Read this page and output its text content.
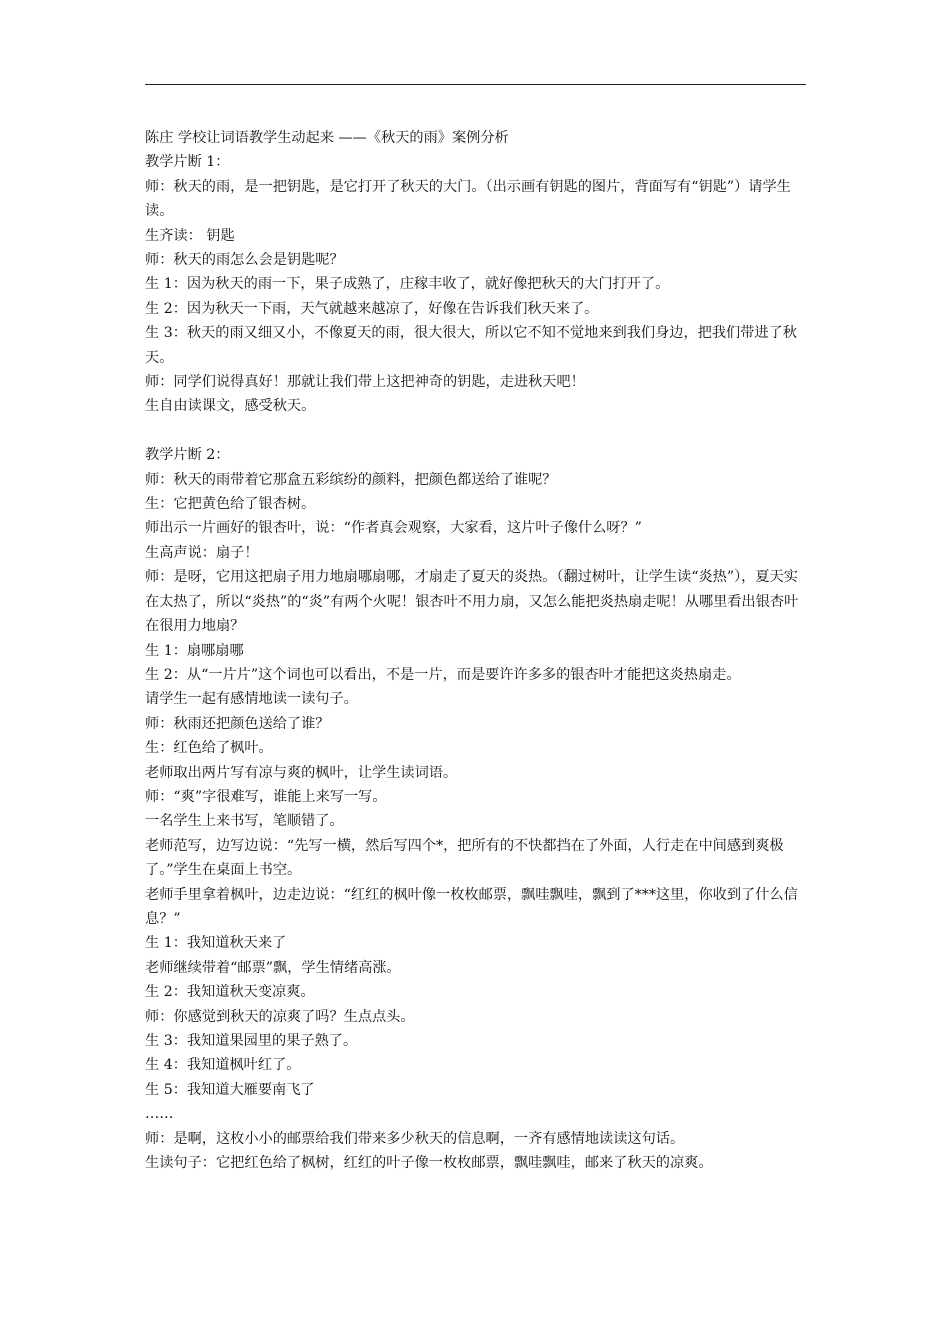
陈庄 学校让词语教学生动起来 ——《秋天的雨》案例分析

教学片断 1：

师：秋天的雨，是一把钥匙，是它打开了秋天的大门。（出示画有钥匙的图片，背面写有“钥匙”）请学生读。

生齐读： 钥匙

师：秋天的雨怎么会是钥匙呢？

生 1：因为秋天的雨一下，果子成熟了，庄稼丰收了，就好像把秋天的大门打开了。

生 2：因为秋天一下雨，天气就越来越凉了，好像在告诉我们秋天来了。

生 3：秋天的雨又细又小，不像夏天的雨，很大很大，所以它不知不觉地来到我们身边，把我们带进了秋天。

师：同学们说得真好！那就让我们带上这把神奇的钥匙，走进秋天吧！

生自由读课文，感受秋天。

教学片断 2：

师：秋天的雨带着它那盒五彩缤纷的颜料，把颜色都送给了谁呢？

生：它把黄色给了银杏树。

师出示一片画好的银杏叶，说：“作者真会观察，大家看，这片叶子像什么呀？”

生高声说：扇子！

师：是呀，它用这把扇子用力地扇哪扇哪，才扇走了夏天的炎热。（翻过树叶，让学生读“炎热”），夏天实在太热了，所以“炎热”的“炎”有两个火呢！银杏叶不用力扇，又怎么能把炎热扇走呢！从哪里看出银杏叶在很用力地扇？

生 1：扇哪扇哪

生 2：从“一片片”这个词也可以看出，不是一片，而是要许许多多的银杏叶才能把这炎热扇走。

请学生一起有感情地读一读句子。

师：秋雨还把颜色送给了谁？

生：红色给了枫叶。

老师取出两片写有凉与爽的枫叶，让学生读词语。

师：“爽”字很难写，谁能上来写一写。

一名学生上来书写，笔顺错了。

老师范写，边写边说：“先写一横，然后写四个*，把所有的不快都挡在了外面，人行走在中间感到爽极了。”学生在桌面上书空。

老师手里拿着枫叶，边走边说：“红红的枫叶像一枚枚邮票，飘哇飘哇，飘到了***这里，你收到了什么信息？”

生 1：我知道秋天来了

老师继续带着“邮票”飘，学生情绪高涨。

生 2：我知道秋天变凉爽。

师：你感觉到秋天的凉爽了吗？生点点头。

生 3：我知道果园里的果子熟了。

生 4：我知道枫叶红了。

生 5：我知道大雁要南飞了

……

师：是啊，这枚小小的邮票给我们带来多少秋天的信息啊，一齐有感情地读读这句话。

生读句子：它把红色给了枫树，红红的叶子像一枚枚邮票，飘哇飘哇，邮来了秋天的凉爽。
